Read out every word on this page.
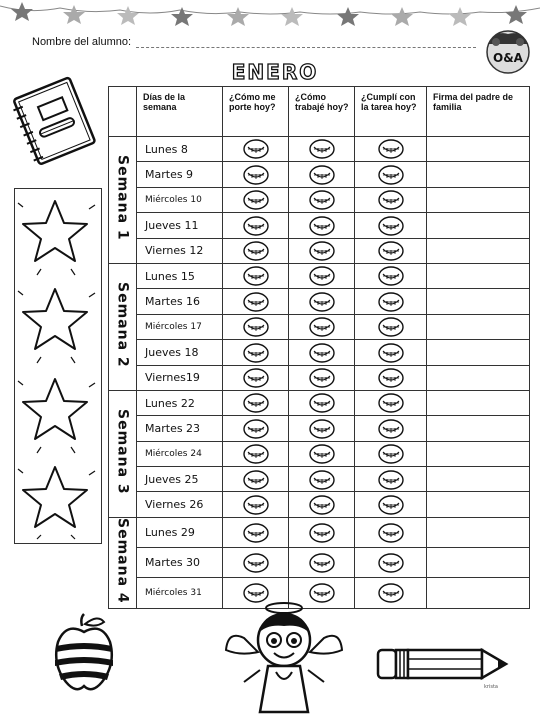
Nombre del alumno:
O&A
ENERO
	Días de la semana	¿Cómo me porte hoy?	¿Cómo trabajé hoy?	¿Cumplí con la tarea hoy?	Firma del padre de familia
Semana 1	Lunes 8				
	Martes 9				
	Miércoles 10				
	Jueves 11				
	Viernes 12				
Semana 2	Lunes 15				
	Martes 16				
	Miércoles 17				
	Jueves 18				
	Viernes19				
Semana 3	Lunes 22				
	Martes 23				
	Miércoles 24				
	Jueves 25				
	Viernes 26				
Semana 4	Lunes 29				
	Martes 30				
	Miércoles 31				
krista
